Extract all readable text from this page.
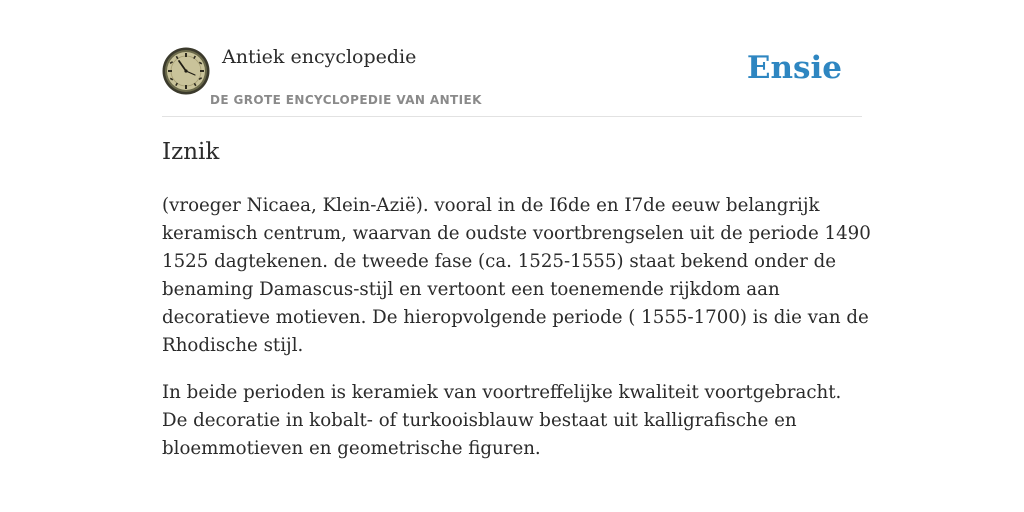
Antiek encyclopedie
DE GROTE ENCYCLOPEDIE VAN ANTIEK
Ensie
Iznik

(vroeger Nicaea, Klein-Azië). vooral in de I6de en I7de eeuw belangrijk keramisch centrum, waarvan de oudste voortbrengselen uit de periode 1490 1525 dagtekenen. de tweede fase (ca. 1525-1555) staat bekend onder de benaming Damascus-stijl en vertoont een toenemende rijkdom aan decoratieve motieven. De hieropvolgende periode ( 1555-1700) is die van de Rhodische stijl.

In beide perioden is keramiek van voortreffelijke kwaliteit voortgebracht. De decoratie in kobalt- of turkooisblauw bestaat uit kalligrafische en bloemmotieven en geometrische figuren.
